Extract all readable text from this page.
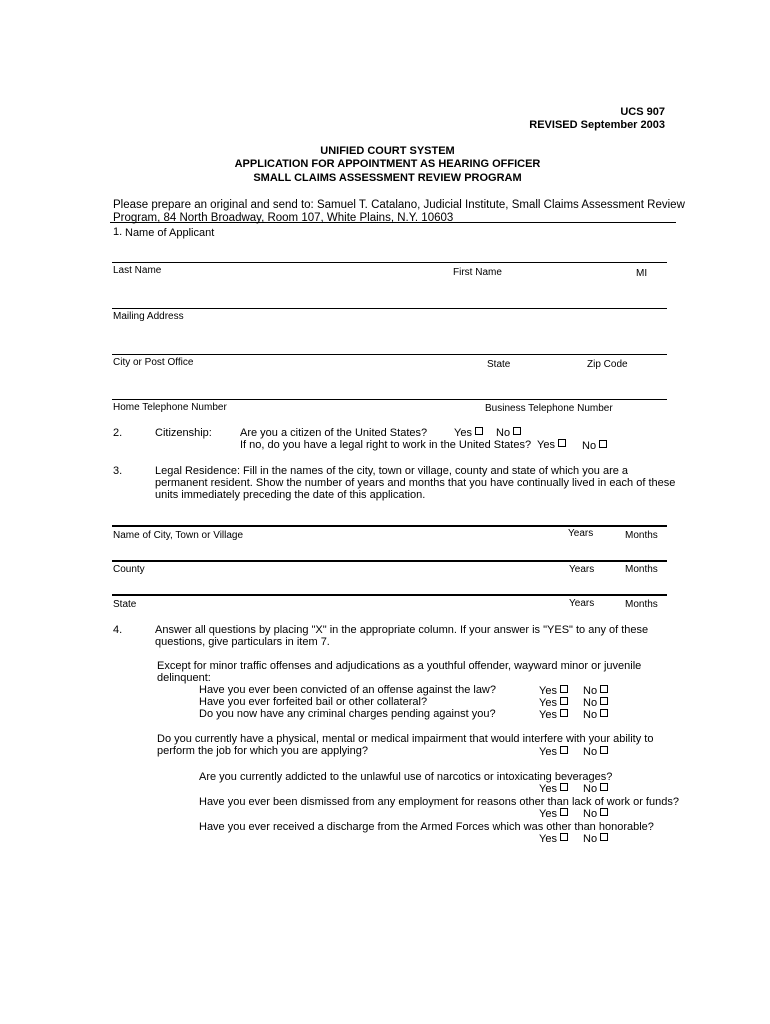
UCS 907
REVISED September 2003
UNIFIED COURT SYSTEM
APPLICATION FOR APPOINTMENT AS HEARING OFFICER
SMALL CLAIMS ASSESSMENT REVIEW PROGRAM
Please prepare an original and send to: Samuel T. Catalano, Judicial Institute, Small Claims Assessment Review
Program, 84 North Broadway, Room 107, White Plains, N.Y. 10603
1. Name of Applicant
Last Name	First Name	MI
Mailing Address
City or Post Office	State	Zip Code
Home Telephone Number	Business Telephone Number
2.	Citizenship:	Are you a citizen of the United States? Yes	No
If no, do you have a legal right to work in the United States? Yes	No
3.	Legal Residence: Fill in the names of the city, town or village, county and state of which you are a
permanent resident. Show the number of years and months that you have continually lived in each of these
units immediately preceding the date of this application.
Name of City, Town or Village	Years	Months
County	Years	Months
State	Years	Months
4.	Answer all questions by placing "X" in the appropriate column. If your answer is "YES" to any of these
questions, give particulars in item 7.
Except for minor traffic offenses and adjudications as a youthful offender, wayward minor or juvenile
delinquent:
Have you ever been convicted of an offense against the law?	Yes	No
Have you ever forfeited bail or other collateral?	Yes	No
Do you now have any criminal charges pending against you?	Yes	No
Do you currently have a physical, mental or medical impairment that would interfere with your ability to
perform the job for which you are applying?	Yes	No
Are you currently addicted to the unlawful use of narcotics or intoxicating beverages?
Yes	No
Have you ever been dismissed from any employment for reasons other than lack of work or funds?
Yes	No
Have you ever received a discharge from the Armed Forces which was other than honorable?
Yes	No
